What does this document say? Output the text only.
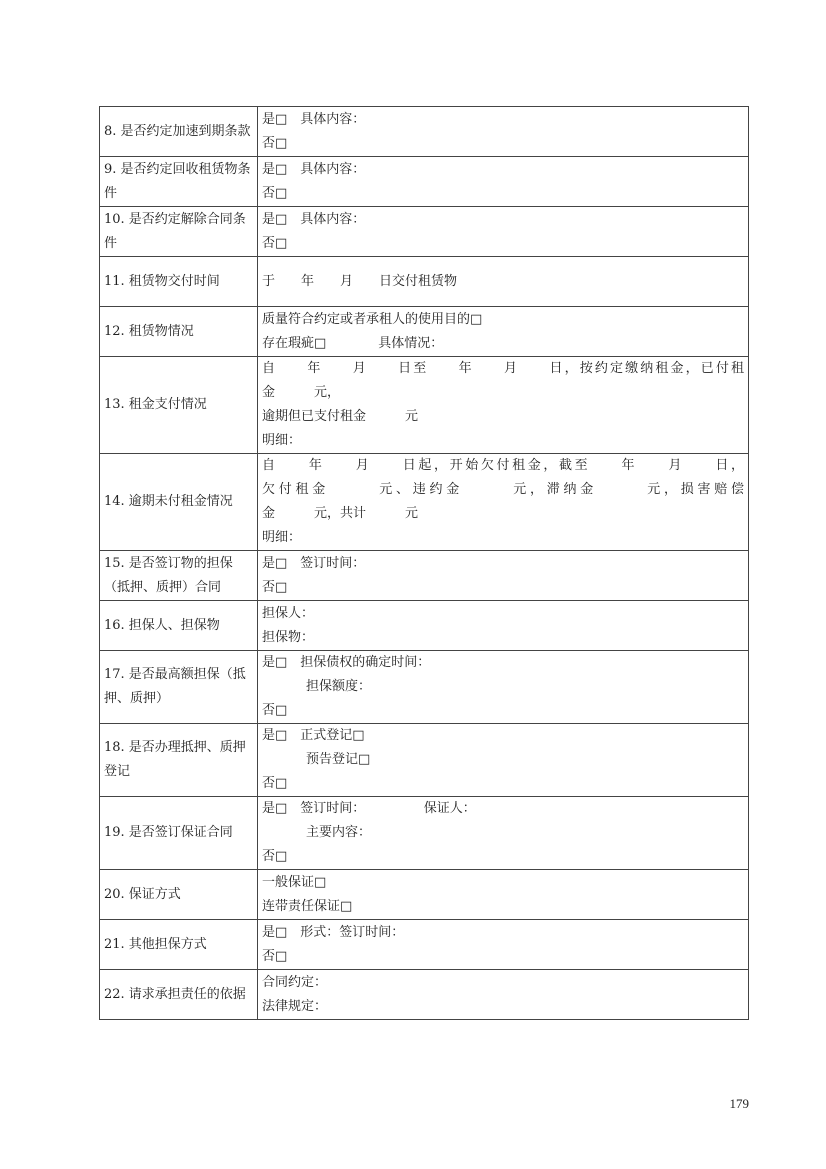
8. 是否约定加速到期条款	是□　具体内容：
否□

9. 是否约定回收租赁物条件	是□　具体内容：
否□

10. 是否约定解除合同条件	是□　具体内容：
否□

11. 租赁物交付时间	于　　年　　月　　日交付租赁物

12. 租赁物情况	质量符合约定或者承租人的使用目的□
存在瑕疵□　　　　具体情况：

13. 租金支付情况	自　　年　　月　　日至　　年　　月　　日，按约定缴纳租金，已付租
金　　　元，
逾期但已支付租金　　　元
明细：

14. 逾期未付租金情况	自　　年　　月　　日起，开始欠付租金，截至　　年　　月　　日，
欠付租金　　　元、违约金　　　元，滞纳金　　　元，损害赔偿
金　　　元，共计　　　元
明细：

15. 是否签订物的担保（抵押、质押）合同	是□　签订时间：
否□

16. 担保人、担保物	担保人：
担保物：

17. 是否最高额担保（抵押、质押）	是□　担保债权的确定时间：
担保额度：
否□

18. 是否办理抵押、质押登记	是□　正式登记□
预告登记□
否□

19. 是否签订保证合同	是□　签订时间：　　　　　保证人：
主要内容：
否□

20. 保证方式	一般保证□
连带责任保证□

21. 其他担保方式	是□　形式：签订时间：
否□

22. 请求承担责任的依据	合同约定：
法律规定：
179
